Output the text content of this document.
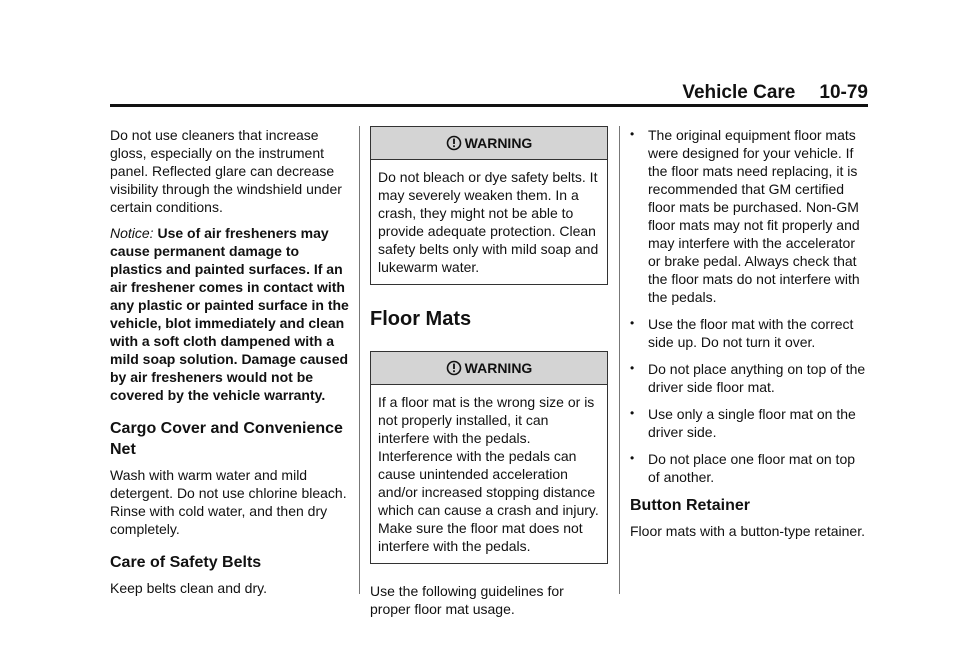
Vehicle Care 10-79

Do not use cleaners that increase gloss, especially on the instrument panel. Reflected glare can decrease visibility through the windshield under certain conditions.

Notice: Use of air fresheners may cause permanent damage to plastics and painted surfaces. If an air freshener comes in contact with any plastic or painted surface in the vehicle, blot immediately and clean with a soft cloth dampened with a mild soap solution. Damage caused by air fresheners would not be covered by the vehicle warranty.

Cargo Cover and Convenience Net

Wash with warm water and mild detergent. Do not use chlorine bleach. Rinse with cold water, and then dry completely.

Care of Safety Belts

Keep belts clean and dry.

WARNING
Do not bleach or dye safety belts. It may severely weaken them. In a crash, they might not be able to provide adequate protection. Clean safety belts only with mild soap and lukewarm water.
Floor Mats
WARNING
If a floor mat is the wrong size or is not properly installed, it can interfere with the pedals. Interference with the pedals can cause unintended acceleration and/or increased stopping distance which can cause a crash and injury. Make sure the floor mat does not interfere with the pedals.

Use the following guidelines for proper floor mat usage.

• The original equipment floor mats were designed for your vehicle. If the floor mats need replacing, it is recommended that GM certified floor mats be purchased. Non-GM floor mats may not fit properly and may interfere with the accelerator or brake pedal. Always check that the floor mats do not interfere with the pedals.
• Use the floor mat with the correct side up. Do not turn it over.
• Do not place anything on top of the driver side floor mat.
• Use only a single floor mat on the driver side.
• Do not place one floor mat on top of another.
Button Retainer

Floor mats with a button-type retainer.
